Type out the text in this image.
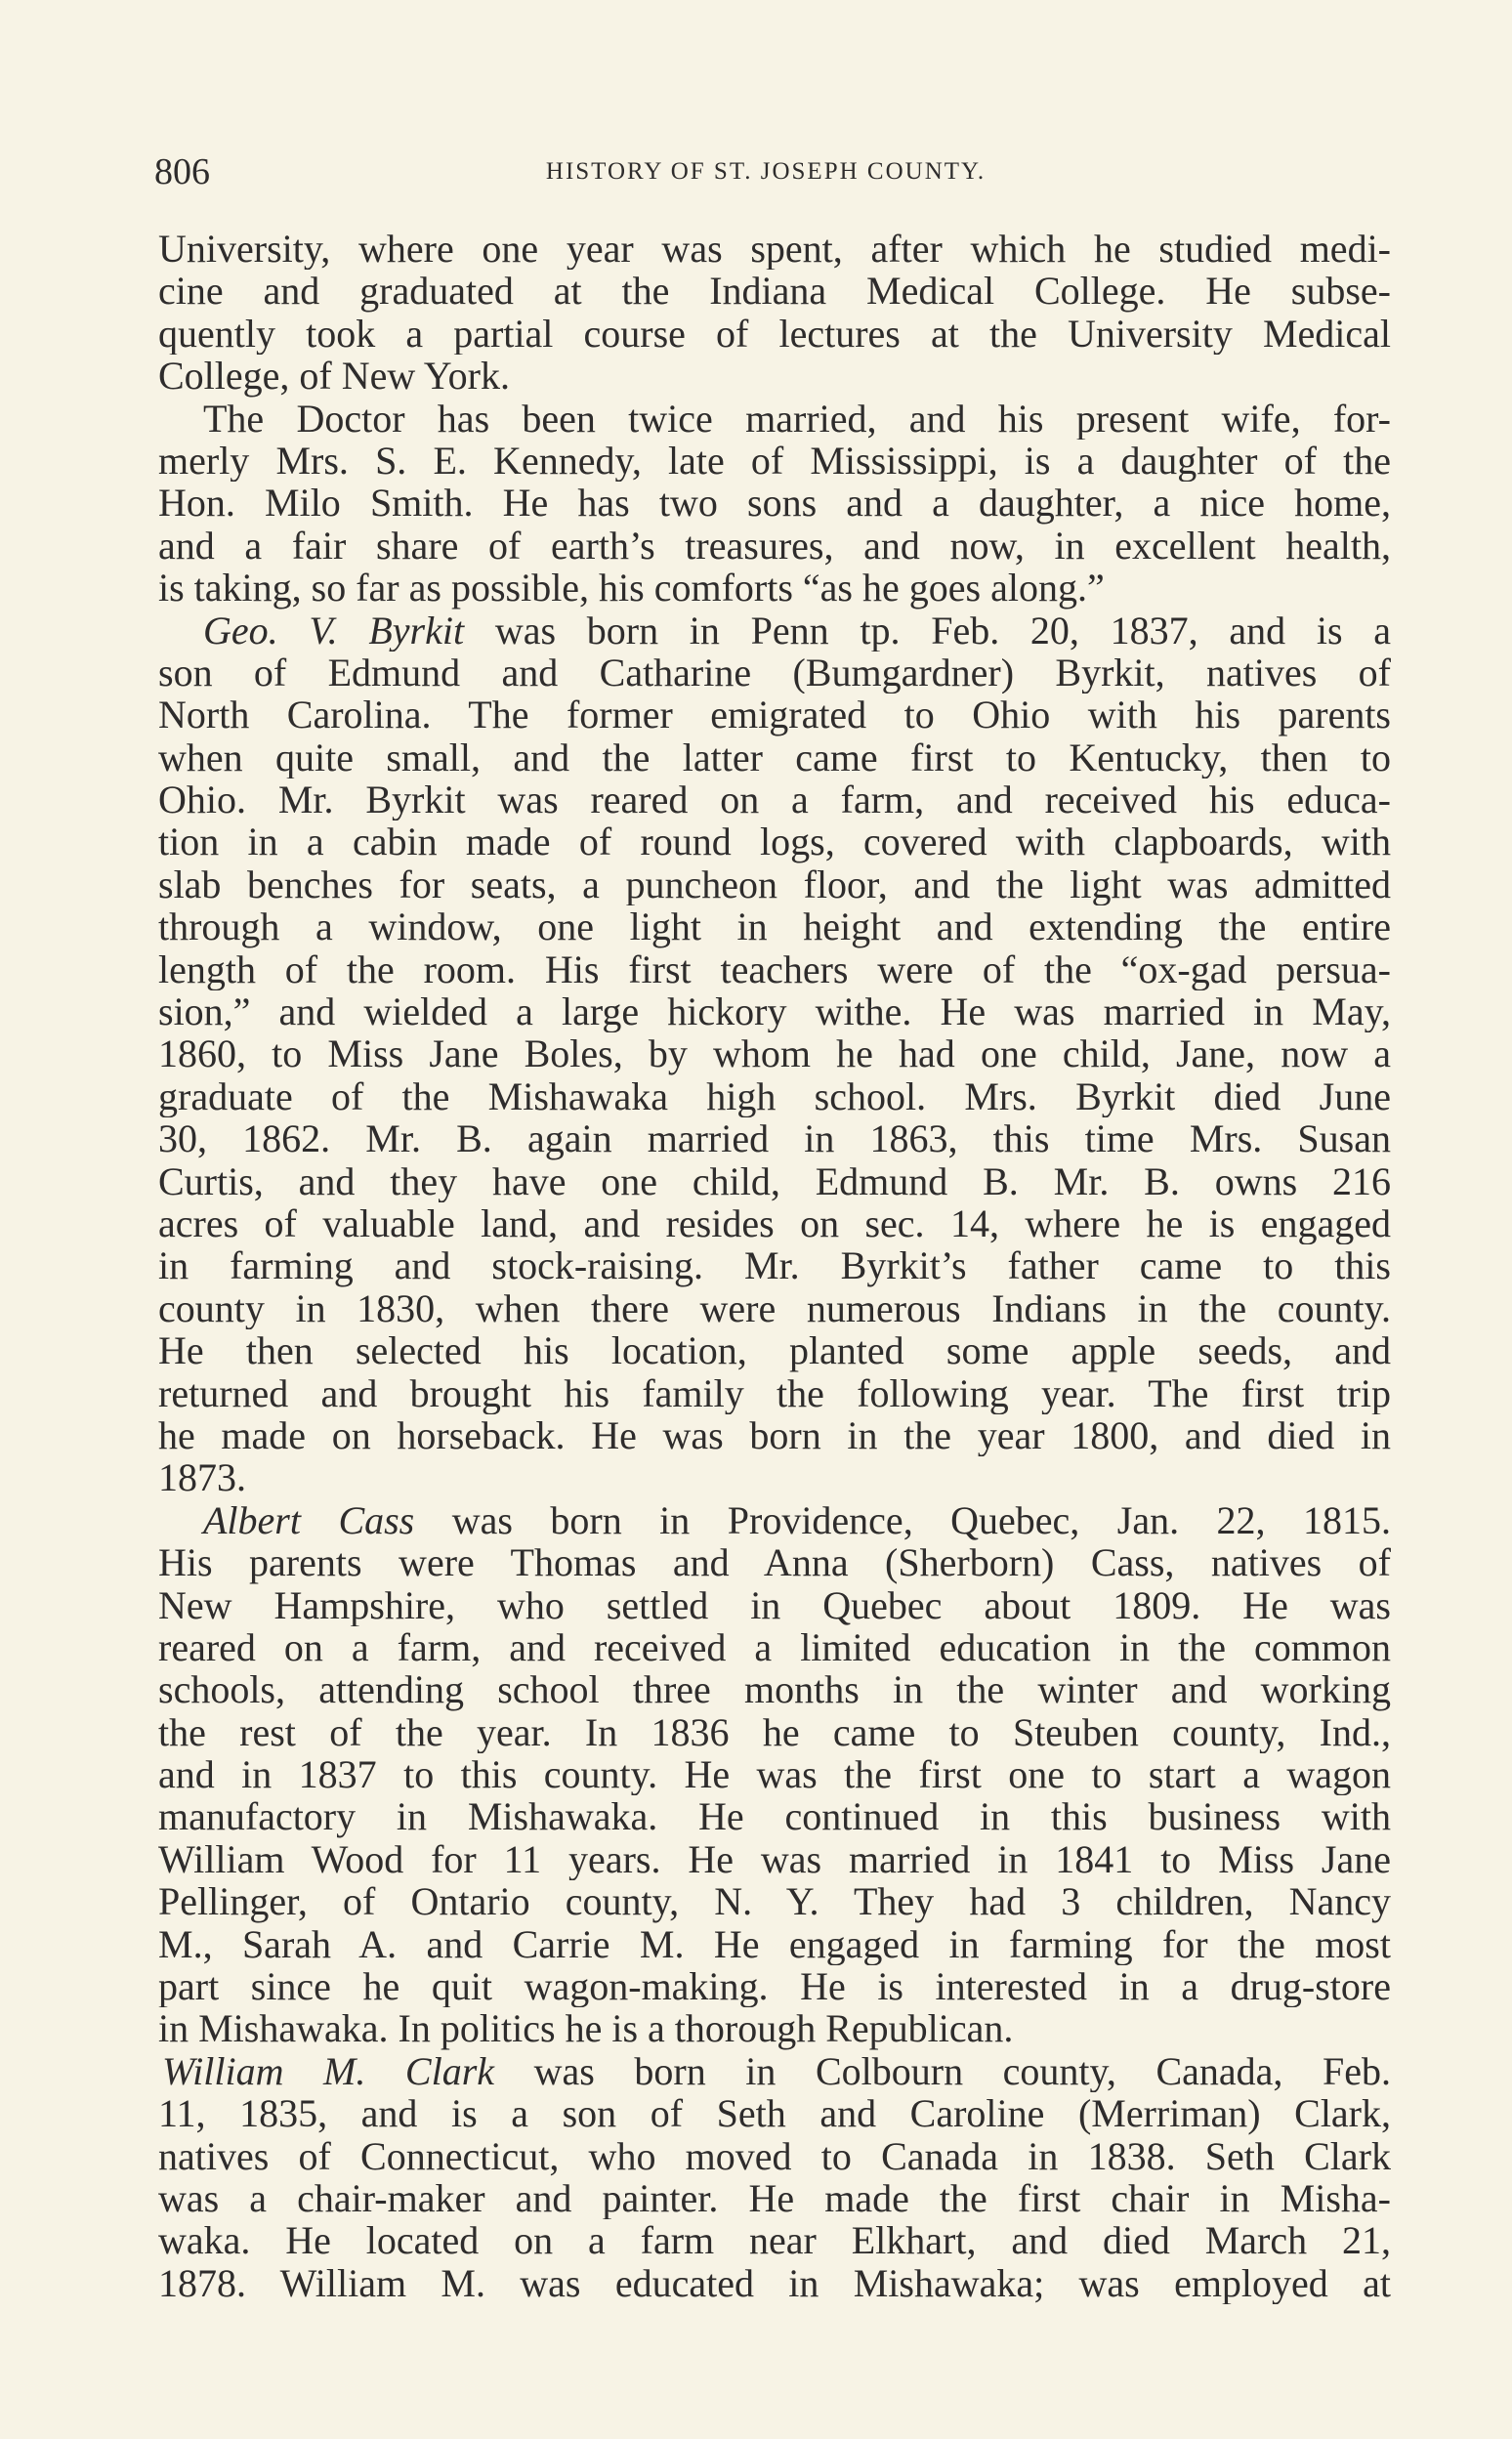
806	HISTORY OF ST. JOSEPH COUNTY.
University, where one year was spent, after which he studied medi-
cine and graduated at the Indiana Medical College. He subse-
quently took a partial course of lectures at the University Medical
College, of New York.
The Doctor has been twice married, and his present wife, for-
merly Mrs. S. E. Kennedy, late of Mississippi, is a daughter of the
Hon. Milo Smith. He has two sons and a daughter, a nice home,
and a fair share of earth’s treasures, and now, in excellent health,
is taking, so far as possible, his comforts “as he goes along.”
Geo. V. Byrkit was born in Penn tp. Feb. 20, 1837, and is a
son of Edmund and Catharine (Bumgardner) Byrkit, natives of
North Carolina. The former emigrated to Ohio with his parents
when quite small, and the latter came first to Kentucky, then to
Ohio. Mr. Byrkit was reared on a farm, and received his educa-
tion in a cabin made of round logs, covered with clapboards, with
slab benches for seats, a puncheon floor, and the light was admitted
through a window, one light in height and extending the entire
length of the room. His first teachers were of the “ox-gad persua-
sion,” and wielded a large hickory withe. He was married in May,
1860, to Miss Jane Boles, by whom he had one child, Jane, now a
graduate of the Mishawaka high school. Mrs. Byrkit died June
30, 1862. Mr. B. again married in 1863, this time Mrs. Susan
Curtis, and they have one child, Edmund B. Mr. B. owns 216
acres of valuable land, and resides on sec. 14, where he is engaged
in farming and stock-raising. Mr. Byrkit’s father came to this
county in 1830, when there were numerous Indians in the county.
He then selected his location, planted some apple seeds, and
returned and brought his family the following year. The first trip
he made on horseback. He was born in the year 1800, and died in
1873.
Albert Cass was born in Providence, Quebec, Jan. 22, 1815.
His parents were Thomas and Anna (Sherborn) Cass, natives of
New Hampshire, who settled in Quebec about 1809. He was
reared on a farm, and received a limited education in the common
schools, attending school three months in the winter and working
the rest of the year. In 1836 he came to Steuben county, Ind.,
and in 1837 to this county. He was the first one to start a wagon
manufactory in Mishawaka. He continued in this business with
William Wood for 11 years. He was married in 1841 to Miss Jane
Pellinger, of Ontario county, N. Y. They had 3 children, Nancy
M., Sarah A. and Carrie M. He engaged in farming for the most
part since he quit wagon-making. He is interested in a drug-store
in Mishawaka. In politics he is a thorough Republican.
William M. Clark was born in Colbourn county, Canada, Feb.
11, 1835, and is a son of Seth and Caroline (Merriman) Clark,
natives of Connecticut, who moved to Canada in 1838. Seth Clark
was a chair-maker and painter. He made the first chair in Misha-
waka. He located on a farm near Elkhart, and died March 21,
1878. William M. was educated in Mishawaka; was employed at
